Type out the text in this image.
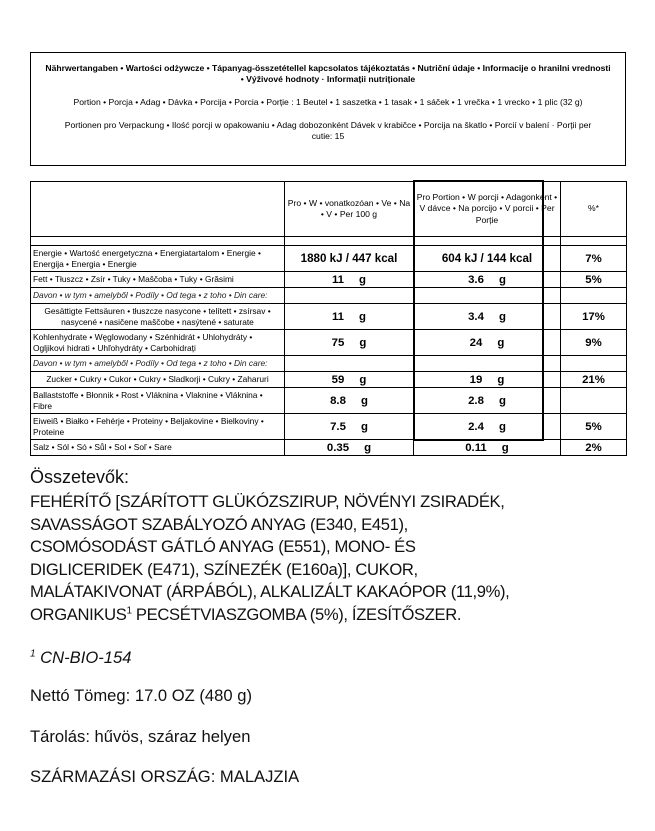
Nährwertangaben • Wartości odżywcze • Tápanyag-összetétellel kapcsolatos tájékoztatás • Nutriční údaje • Informacije o hranilni vrednosti • Výživové hodnoty · Informații nutriționale

Portion • Porcja • Adag • Dávka • Porcija • Porcia • Porție : 1 Beutel • 1 saszetka • 1 tasak • 1 sáček • 1 vrečka • 1 vrecko • 1 plic (32 g)

Portionen pro Verpackung • Ilość porcji w opakowaniu • Adag dobozonként Dávek v krabičce • Porcija na škatlo • Porcií v balení · Porții per cutie: 15

	Pro • W • vonatkozóan • Ve • Na • V • Per 100 g	Pro Portion • W porcji • Adagonként • V dávce • Na porcijo • V porcii • Per Porție	%*

Energie • Wartość energetyczna • Energiatartalom • Energie • Energija • Energia • Energie	1880 kJ / 447 kcal	604 kJ / 144 kcal	7%
Fett • Tłuszcz • Zsír • Tuky • Maščoba • Tuky • Grăsimi	11 g	3.6 g	5%
Davon • w tym • amelyből • Podíly • Od tega • z toho • Din care:			
Gesättigte Fettsäuren • tłuszcze nasycone • telített • zsírsav • nasycené • nasičene maščobe • nasýtené • saturate	11 g	3.4 g	17%
Kohlenhydrate • Węglowodany • Szénhidrát • Uhlohydráty • Ogljikovi hidrati • Uhľohydráty • Carbohidrați	75 g	24 g	9%
Davon • w tym • amelyből • Podíly • Od tega • z toho • Din care:			
Zucker • Cukry • Cukor • Cukry • Sladkorji • Cukry • Zaharuri	59 g	19 g	21%
Ballaststoffe • Błonnik • Rost • Vláknina • Vlaknine • Vláknina • Fibre	8.8 g	2.8 g	
Eiweiß • Białko • Fehérje • Proteiny • Beljakovine • Bielkoviny • Proteine	7.5 g	2.4 g	5%
Salz • Sól • Só • Sůl • Sol • Soľ • Sare	0.35 g	0.11 g	2%
Összetevők:
FEHÉRÍTŐ [SZÁRÍTOTT GLÜKÓZSZIRUP, NÖVÉNYI ZSIRADÉK,
SAVASSÁGOT SZABÁLYOZÓ ANYAG (E340, E451),
CSOMÓSODÁST GÁTLÓ ANYAG (E551), MONO- ÉS
DIGLICERIDEK (E471), SZÍNEZÉK (E160a)], CUKOR,
MALÁTAKIVONAT (ÁRPÁBÓL), ALKALIZÁLT KAKAÓPOR (11,9%),
ORGANIKUS$^1$ PECSÉTVIASZGOMBA (5%), ÍZESÍTŐSZER.
$^1$ CN-BIO-154
Nettó Tömeg: 17.0 OZ (480 g)
Tárolás: hűvös, száraz helyen
SZÁRMAZÁSI ORSZÁG: MALAJZIA
